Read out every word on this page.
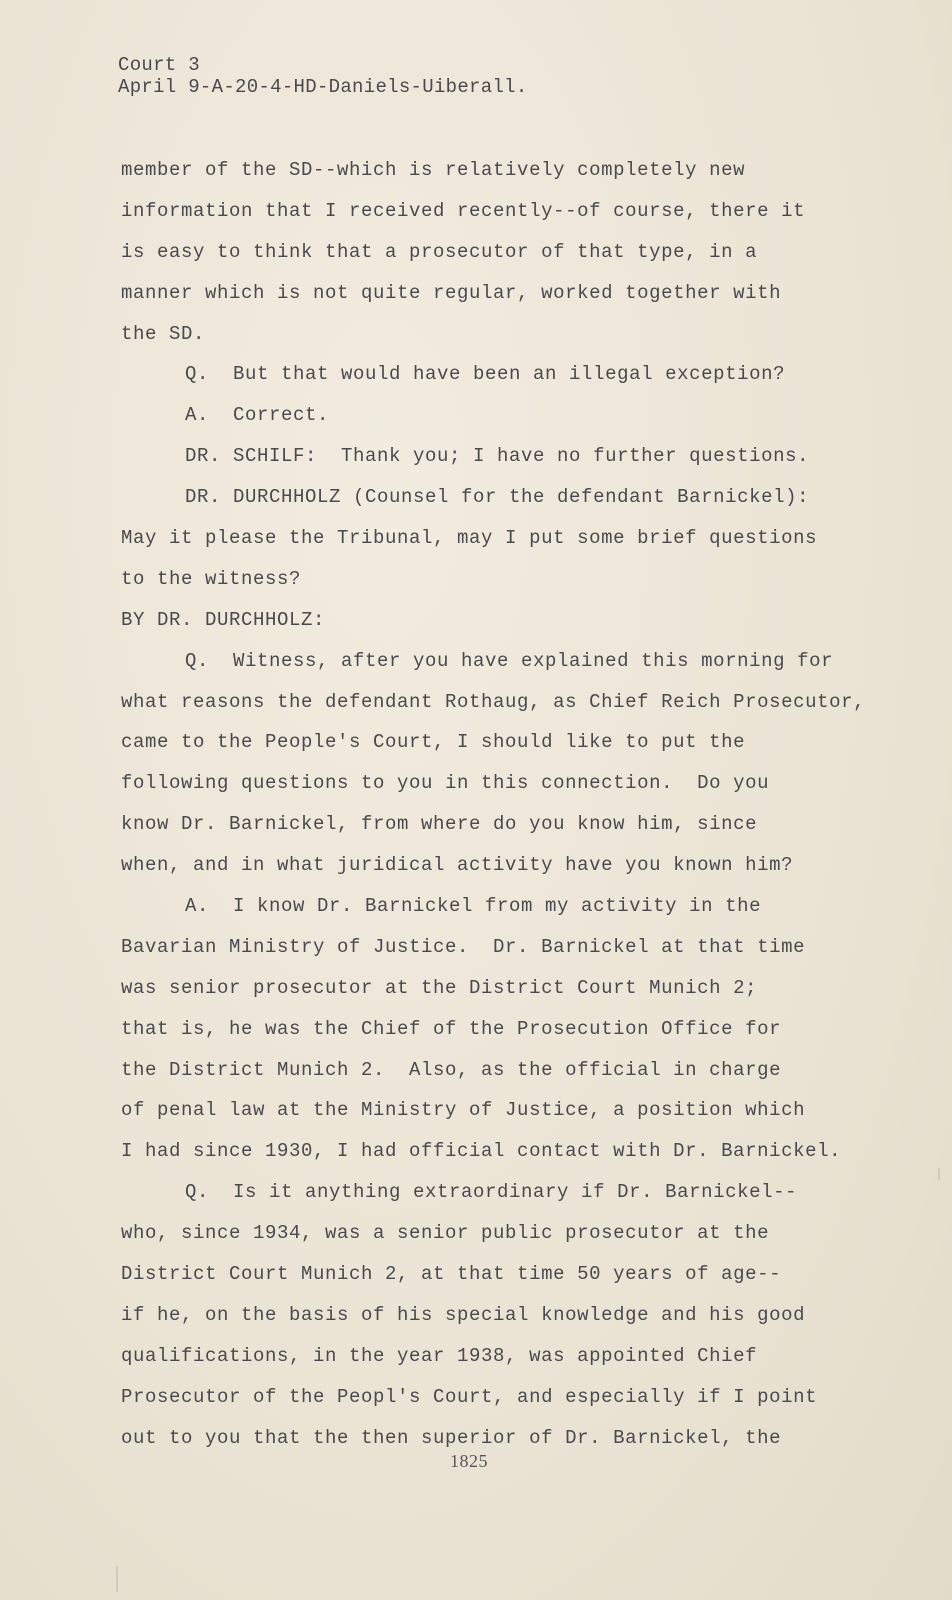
Court 3
April 9-A-20-4-HD-Daniels-Uiberall.
member of the SD--which is relatively completely new
information that I received recently--of course, there it
is easy to think that a prosecutor of that type, in a
manner which is not quite regular, worked together with
the SD.
Q.  But that would have been an illegal exception?
A.  Correct.
DR. SCHILF:  Thank you; I have no further questions.
DR. DURCHHOLZ (Counsel for the defendant Barnickel):
May it please the Tribunal, may I put some brief questions
to the witness?
BY DR. DURCHHOLZ:
Q.  Witness, after you have explained this morning for
what reasons the defendant Rothaug, as Chief Reich Prosecutor,
came to the People's Court, I should like to put the
following questions to you in this connection.  Do you
know Dr. Barnickel, from where do you know him, since
when, and in what juridical activity have you known him?
A.  I know Dr. Barnickel from my activity in the
Bavarian Ministry of Justice.  Dr. Barnickel at that time
was senior prosecutor at the District Court Munich 2;
that is, he was the Chief of the Prosecution Office for
the District Munich 2.  Also, as the official in charge
of penal law at the Ministry of Justice, a position which
I had since 1930, I had official contact with Dr. Barnickel.
Q.  Is it anything extraordinary if Dr. Barnickel--
who, since 1934, was a senior public prosecutor at the
District Court Munich 2, at that time 50 years of age--
if he, on the basis of his special knowledge and his good
qualifications, in the year 1938, was appointed Chief
Prosecutor of the Peopl's Court, and especially if I point
out to you that the then superior of Dr. Barnickel, the
1825
